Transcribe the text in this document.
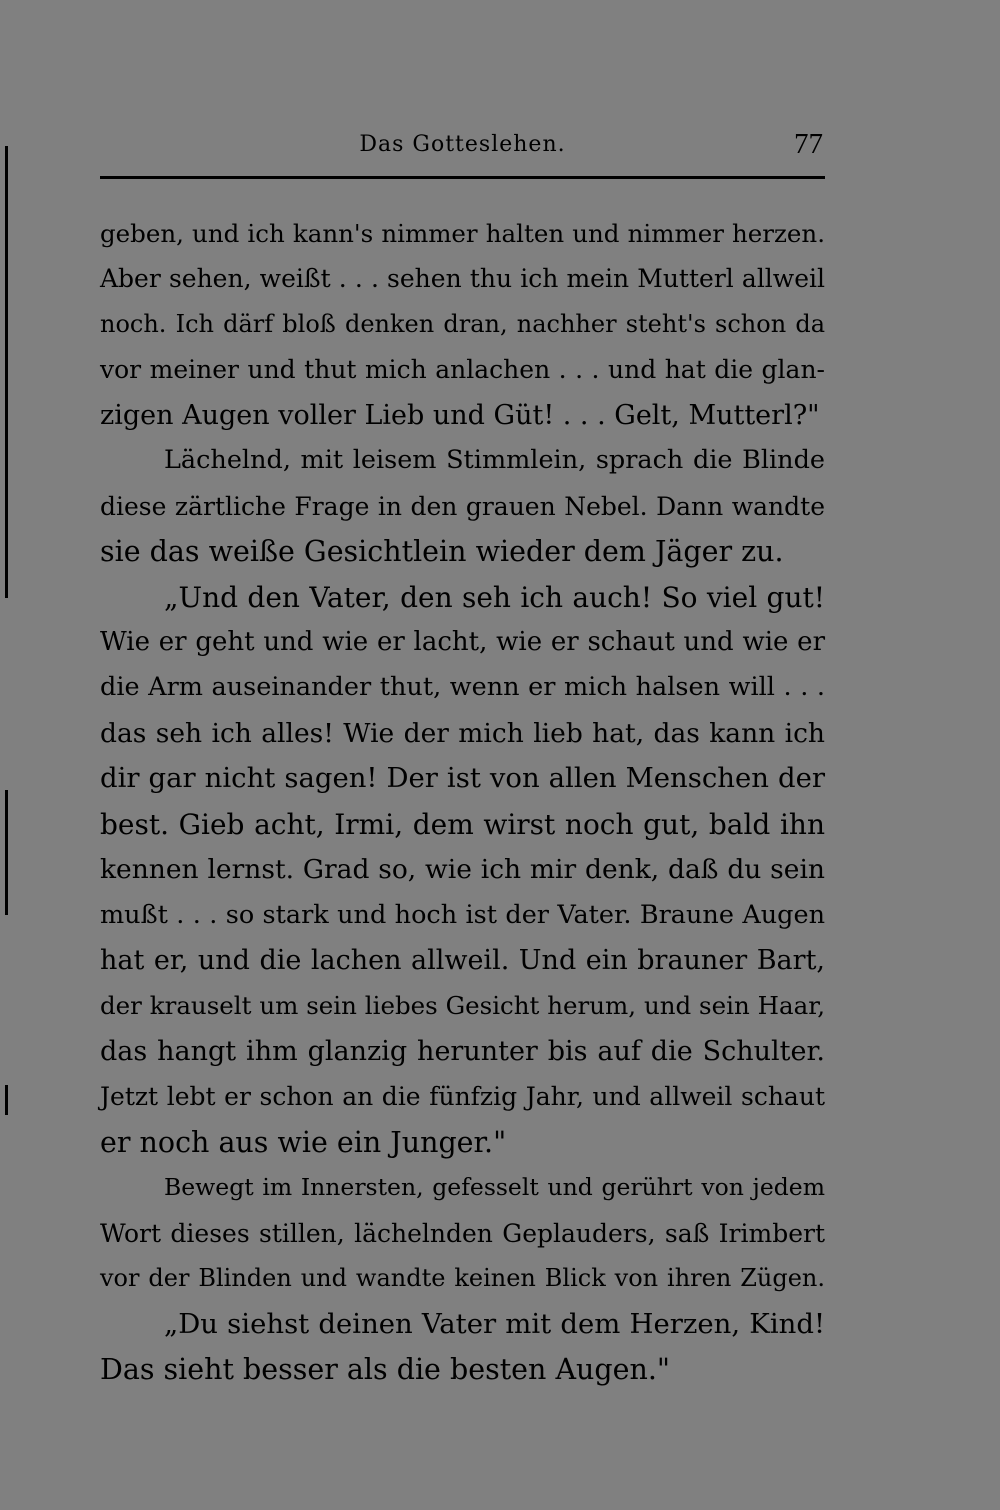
Das Gotteslehen.	77
geben, und ich kann's nimmer halten und nimmer herzen.
Aber sehen, weißt . . . sehen thu ich mein Mutterl allweil
noch. Ich därf bloß denken dran, nachher steht's schon da
vor meiner und thut mich anlachen . . . und hat die glan-
zigen Augen voller Lieb und Güt! . . . Gelt, Mutterl?"
Lächelnd, mit leisem Stimmlein, sprach die Blinde
diese zärtliche Frage in den grauen Nebel. Dann wandte
sie das weiße Gesichtlein wieder dem Jäger zu.
„Und den Vater, den seh ich auch! So viel gut!
Wie er geht und wie er lacht, wie er schaut und wie er
die Arm auseinander thut, wenn er mich halsen will . . .
das seh ich alles! Wie der mich lieb hat, das kann ich
dir gar nicht sagen! Der ist von allen Menschen der
best. Gieb acht, Irmi, dem wirst noch gut, bald ihn
kennen lernst. Grad so, wie ich mir denk, daß du sein
mußt . . . so stark und hoch ist der Vater. Braune Augen
hat er, und die lachen allweil. Und ein brauner Bart,
der krauselt um sein liebes Gesicht herum, und sein Haar,
das hangt ihm glanzig herunter bis auf die Schulter.
Jetzt lebt er schon an die fünfzig Jahr, und allweil schaut
er noch aus wie ein Junger."
Bewegt im Innersten, gefesselt und gerührt von jedem
Wort dieses stillen, lächelnden Geplauders, saß Irimbert
vor der Blinden und wandte keinen Blick von ihren Zügen.
„Du siehst deinen Vater mit dem Herzen, Kind!
Das sieht besser als die besten Augen."
